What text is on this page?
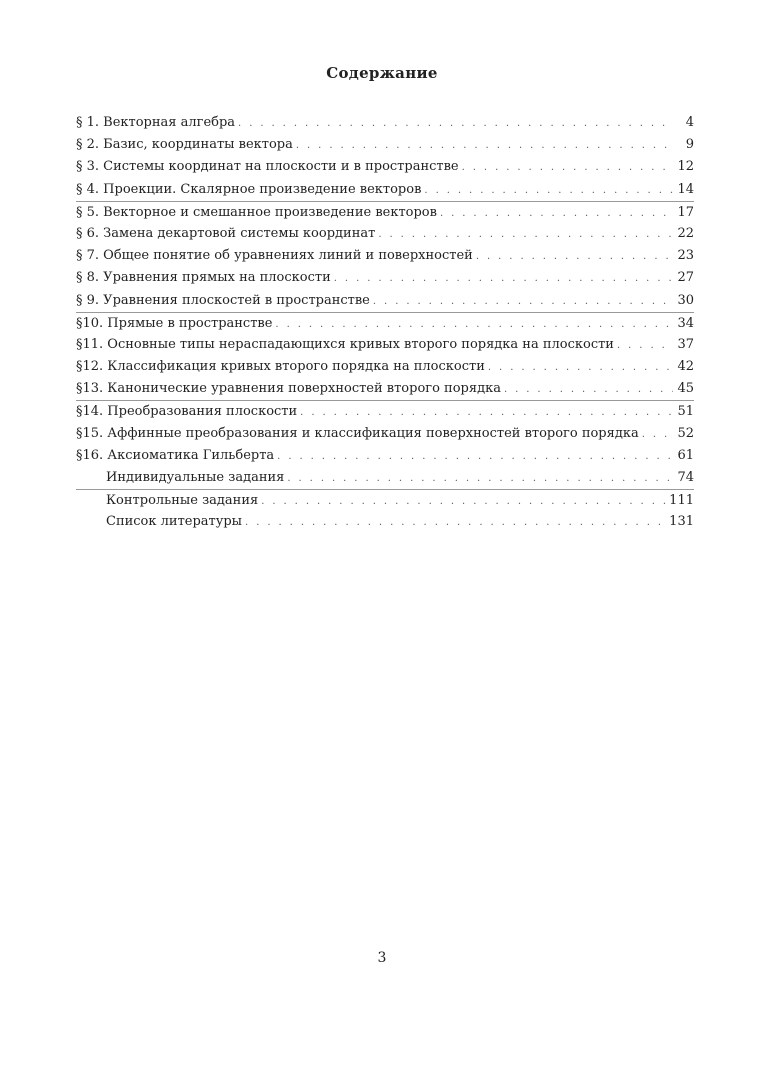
Содержание
§ 1. Векторная алгебра . . .	4
§ 2. Базис, координаты вектора . . .	9
§ 3. Системы координат на плоскости и в пространстве . . .	12
§ 4. Проекции. Скалярное произведение векторов . . .	14
§ 5. Векторное и смешанное произведение векторов . . .	17
§ 6. Замена декартовой системы координат . . .	22
§ 7. Общее понятие об уравнениях линий и поверхностей . . .	23
§ 8. Уравнения прямых на плоскости . . .	27
§ 9. Уравнения плоскостей в пространстве . . .	30
§10. Прямые в пространстве . . .	34
§11. Основные типы нераспадающихся кривых второго порядка на плоскости . . .	37
§12. Классификация кривых второго порядка на плоскости . . .	42
§13. Канонические уравнения поверхностей второго порядка . . .	45
§14. Преобразования плоскости . . .	51
§15. Аффинные преобразования и классификация поверхностей второго порядка . . .	52
§16. Аксиоматика Гильберта . . .	61
Индивидуальные задания . . .	74
Контрольные задания . . .	111
Список литературы . . .	131
3
